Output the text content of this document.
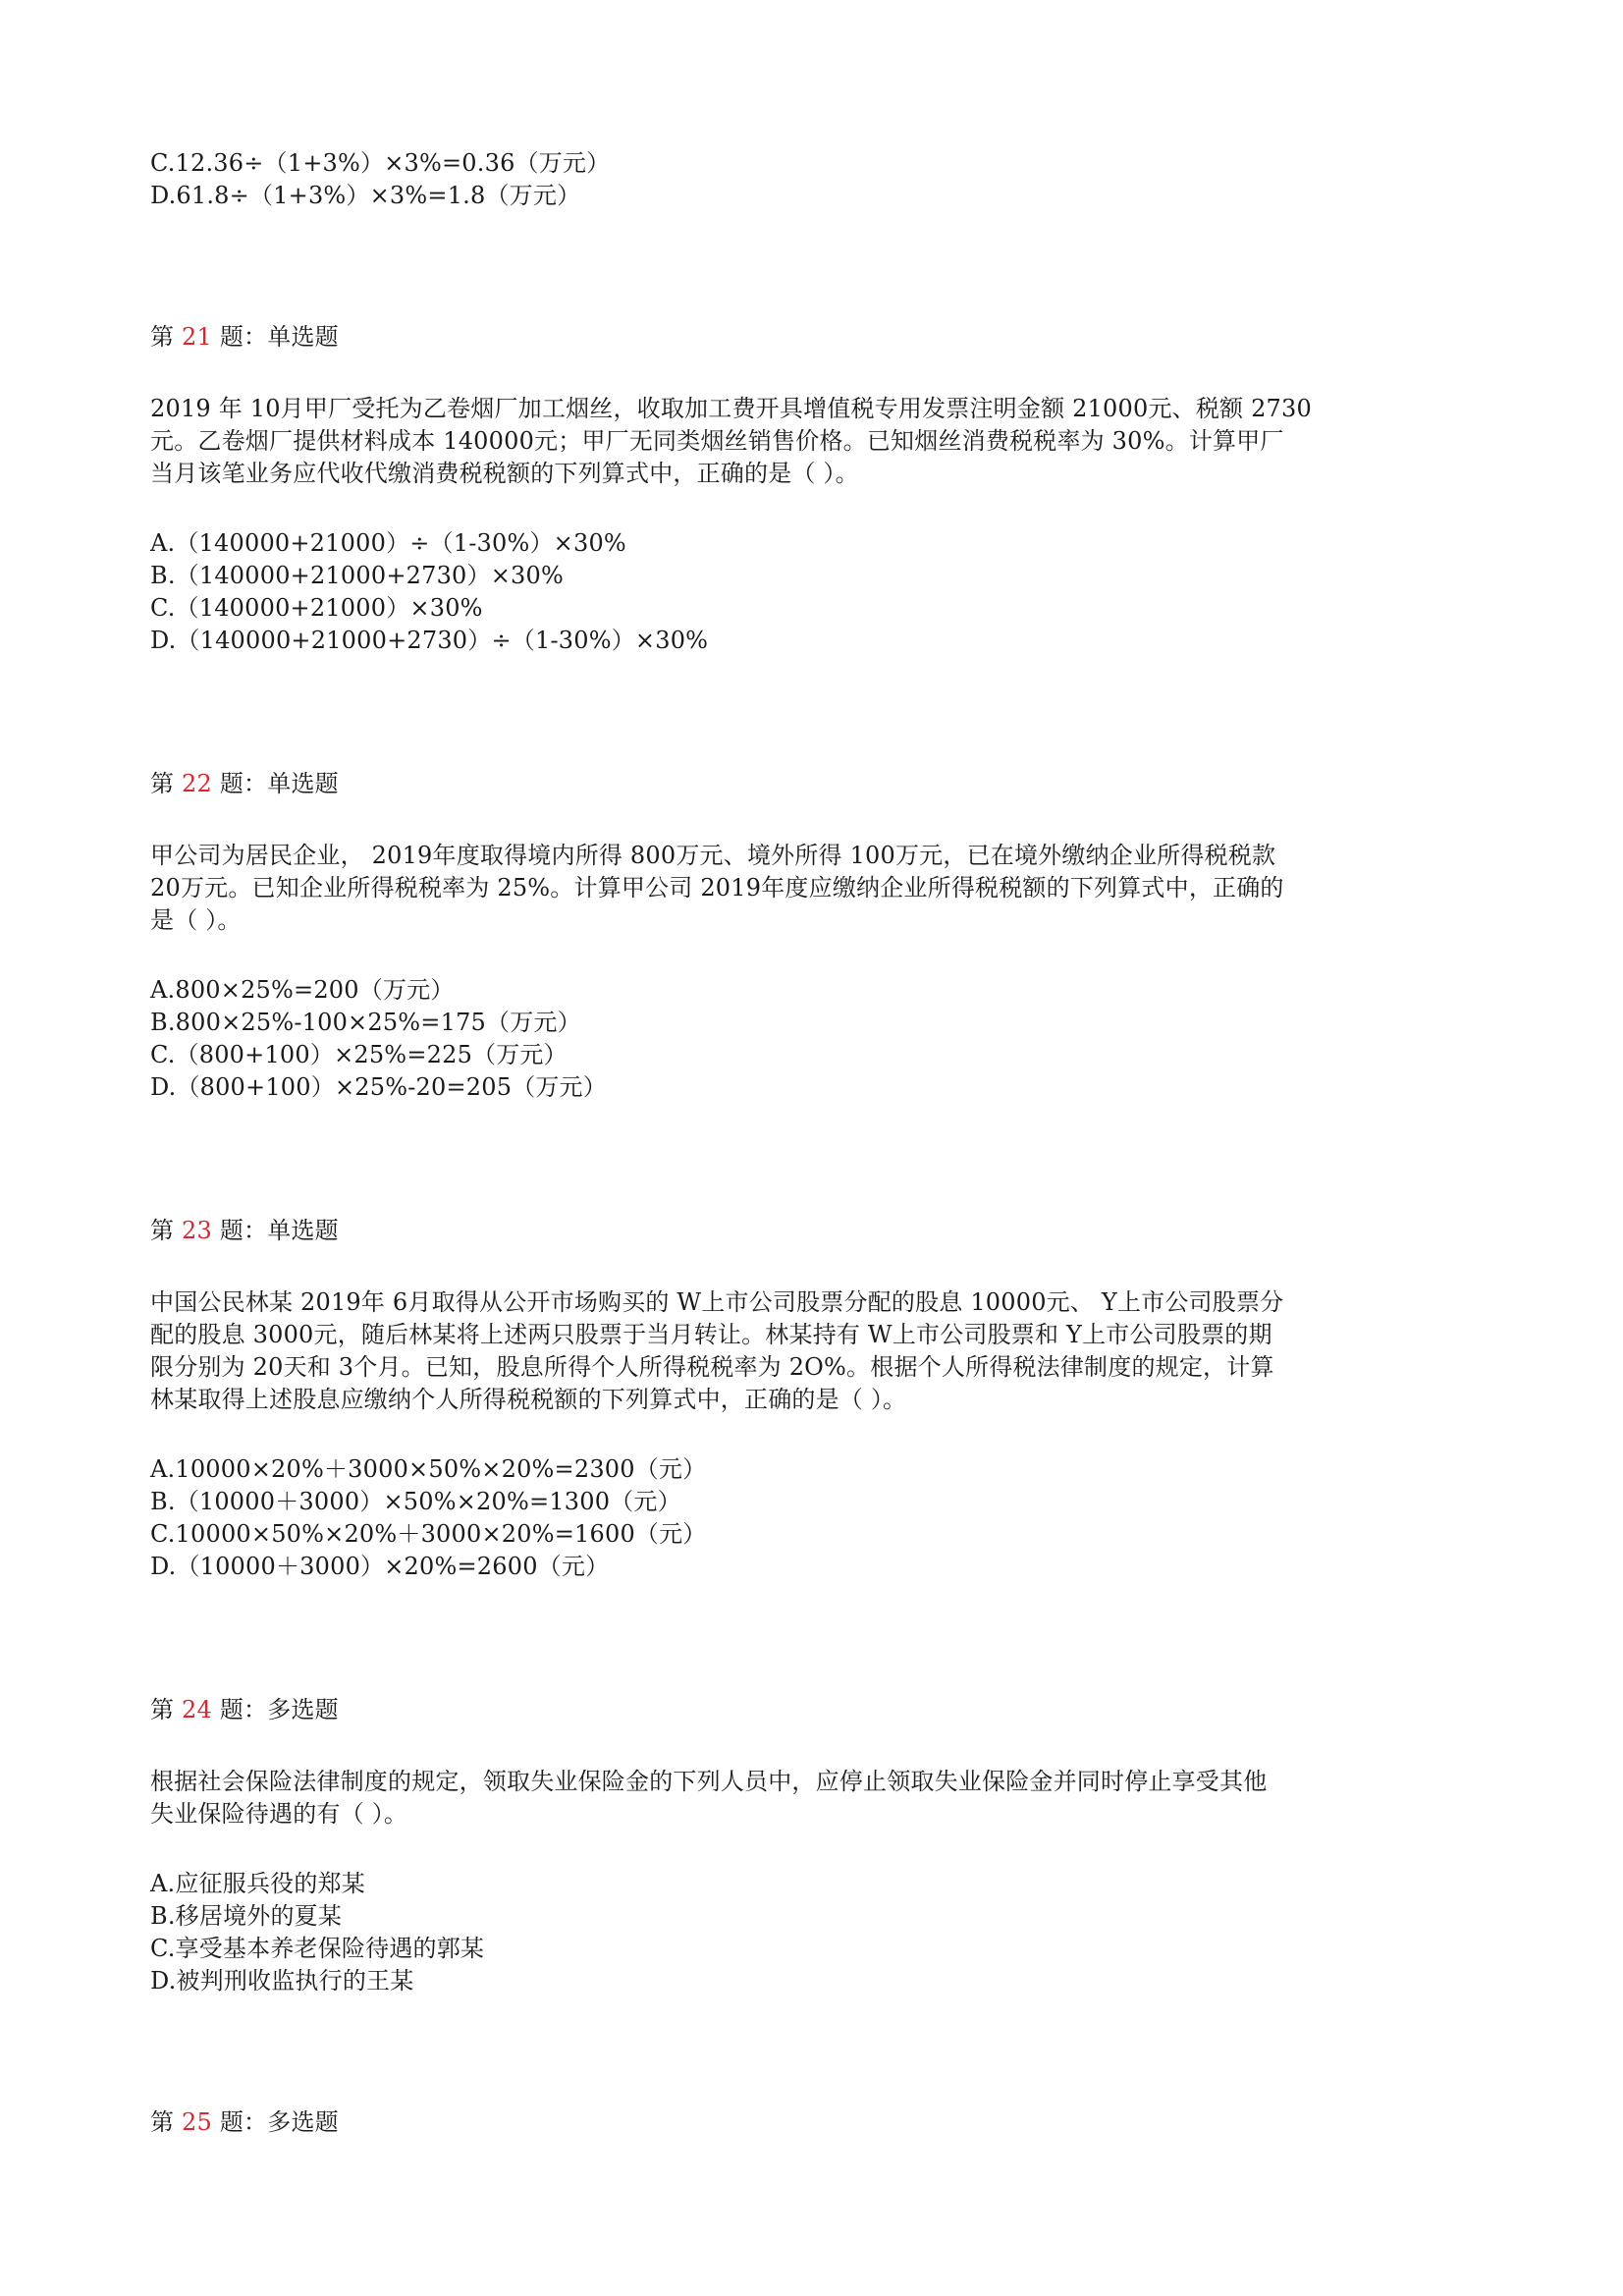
C.12.36÷（1+3%）×3%=0.36（万元）
D.61.8÷（1+3%）×3%=1.8（万元）
第 21 题：单选题
2019 年 10月甲厂受托为乙卷烟厂加工烟丝，收取加工费开具增值税专用发票注明金额 21000元、税额 2730
元。乙卷烟厂提供材料成本 140000元；甲厂无同类烟丝销售价格。已知烟丝消费税税率为 30%。计算甲厂
当月该笔业务应代收代缴消费税税额的下列算式中，正确的是（ ）。
A.（140000+21000）÷（1-30%）×30%
B.（140000+21000+2730）×30%
C.（140000+21000）×30%
D.（140000+21000+2730）÷（1-30%）×30%
第 22 题：单选题
甲公司为居民企业， 2019年度取得境内所得 800万元、境外所得 100万元，已在境外缴纳企业所得税税款
20万元。已知企业所得税税率为 25%。计算甲公司 2019年度应缴纳企业所得税税额的下列算式中，正确的
是（ ）。
A.800×25%=200（万元）
B.800×25%-100×25%=175（万元）
C.（800+100）×25%=225（万元）
D.（800+100）×25%-20=205（万元）
第 23 题：单选题
中国公民林某 2019年 6月取得从公开市场购买的 W上市公司股票分配的股息 10000元、 Y上市公司股票分
配的股息 3000元，随后林某将上述两只股票于当月转让。林某持有 W上市公司股票和 Y上市公司股票的期
限分别为 20天和 3个月。已知，股息所得个人所得税税率为 2O%。根据个人所得税法律制度的规定，计算
林某取得上述股息应缴纳个人所得税税额的下列算式中，正确的是（ ）。
A.10000×20%＋3000×50%×20%=2300（元）
B.（10000＋3000）×50%×20%=1300（元）
C.10000×50%×20%＋3000×20%=1600（元）
D.（10000＋3000）×20%=2600（元）
第 24 题：多选题
根据社会保险法律制度的规定，领取失业保险金的下列人员中，应停止领取失业保险金并同时停止享受其他
失业保险待遇的有（ ）。
A.应征服兵役的郑某
B.移居境外的夏某
C.享受基本养老保险待遇的郭某
D.被判刑收监执行的王某
第 25 题：多选题
